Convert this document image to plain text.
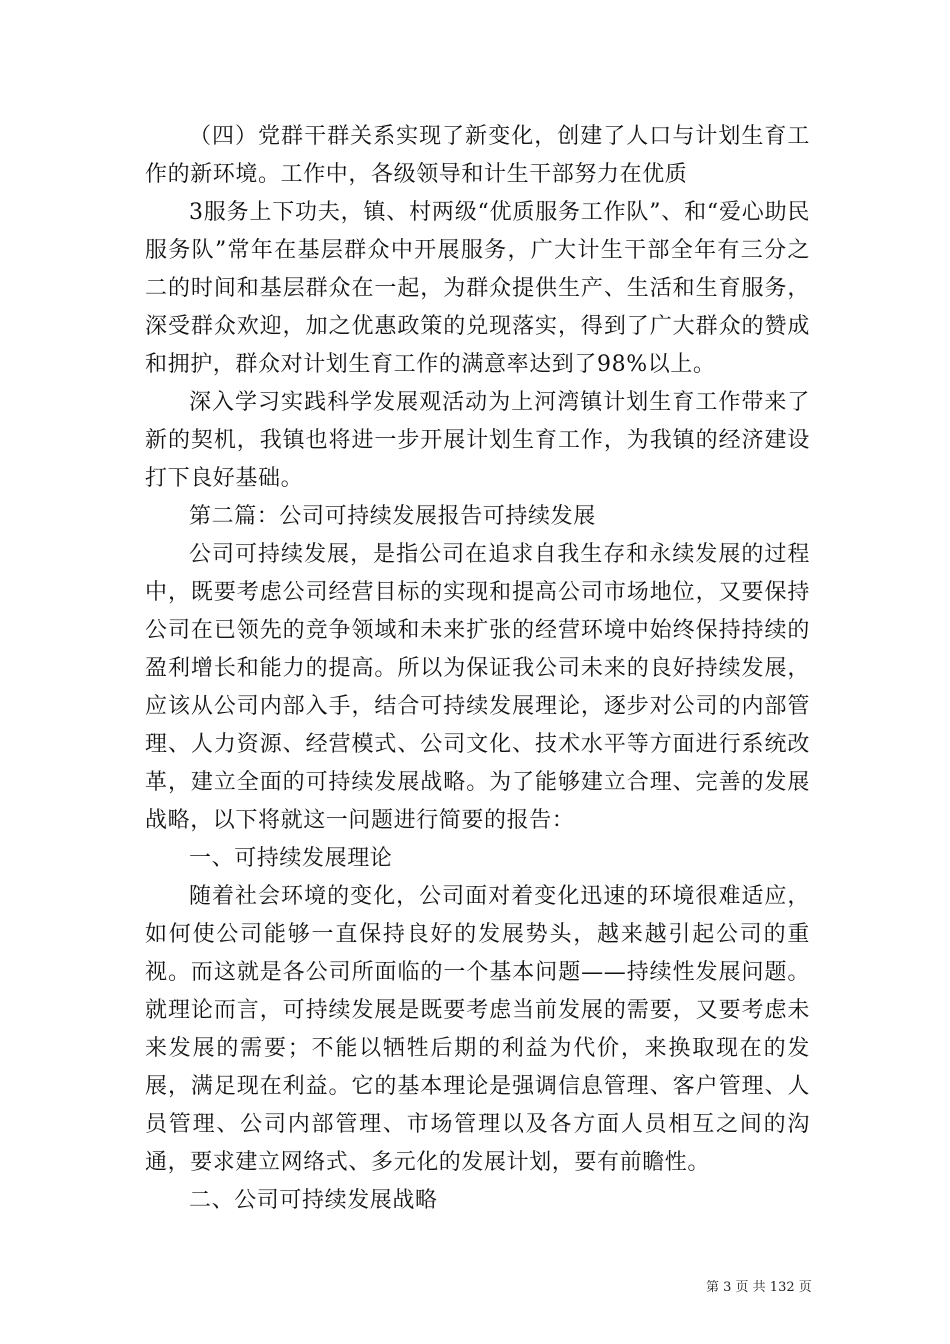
（四）党群干群关系实现了新变化，创建了人口与计划生育工作的新环境。工作中，各级领导和计生干部努力在优质

3服务上下功夫，镇、村两级“优质服务工作队”、和“爱心助民服务队”常年在基层群众中开展服务，广大计生干部全年有三分之二的时间和基层群众在一起，为群众提供生产、生活和生育服务，深受群众欢迎，加之优惠政策的兑现落实，得到了广大群众的赞成和拥护，群众对计划生育工作的满意率达到了98%以上。

深入学习实践科学发展观活动为上河湾镇计划生育工作带来了新的契机，我镇也将进一步开展计划生育工作，为我镇的经济建设打下良好基础。

第二篇：公司可持续发展报告可持续发展

公司可持续发展，是指公司在追求自我生存和永续发展的过程中，既要考虑公司经营目标的实现和提高公司市场地位，又要保持公司在已领先的竞争领域和未来扩张的经营环境中始终保持持续的盈利增长和能力的提高。所以为保证我公司未来的良好持续发展，应该从公司内部入手，结合可持续发展理论，逐步对公司的内部管理、人力资源、经营模式、公司文化、技术水平等方面进行系统改革，建立全面的可持续发展战略。为了能够建立合理、完善的发展战略，以下将就这一问题进行简要的报告：

一、可持续发展理论

随着社会环境的变化，公司面对着变化迅速的环境很难适应，如何使公司能够一直保持良好的发展势头，越来越引起公司的重视。而这就是各公司所面临的一个基本问题——持续性发展问题。就理论而言，可持续发展是既要考虑当前发展的需要，又要考虑未来发展的需要；不能以牺牲后期的利益为代价，来换取现在的发展，满足现在利益。它的基本理论是强调信息管理、客户管理、人员管理、公司内部管理、市场管理以及各方面人员相互之间的沟通，要求建立网络式、多元化的发展计划，要有前瞻性。

二、公司可持续发展战略

第 3 页 共 132 页
